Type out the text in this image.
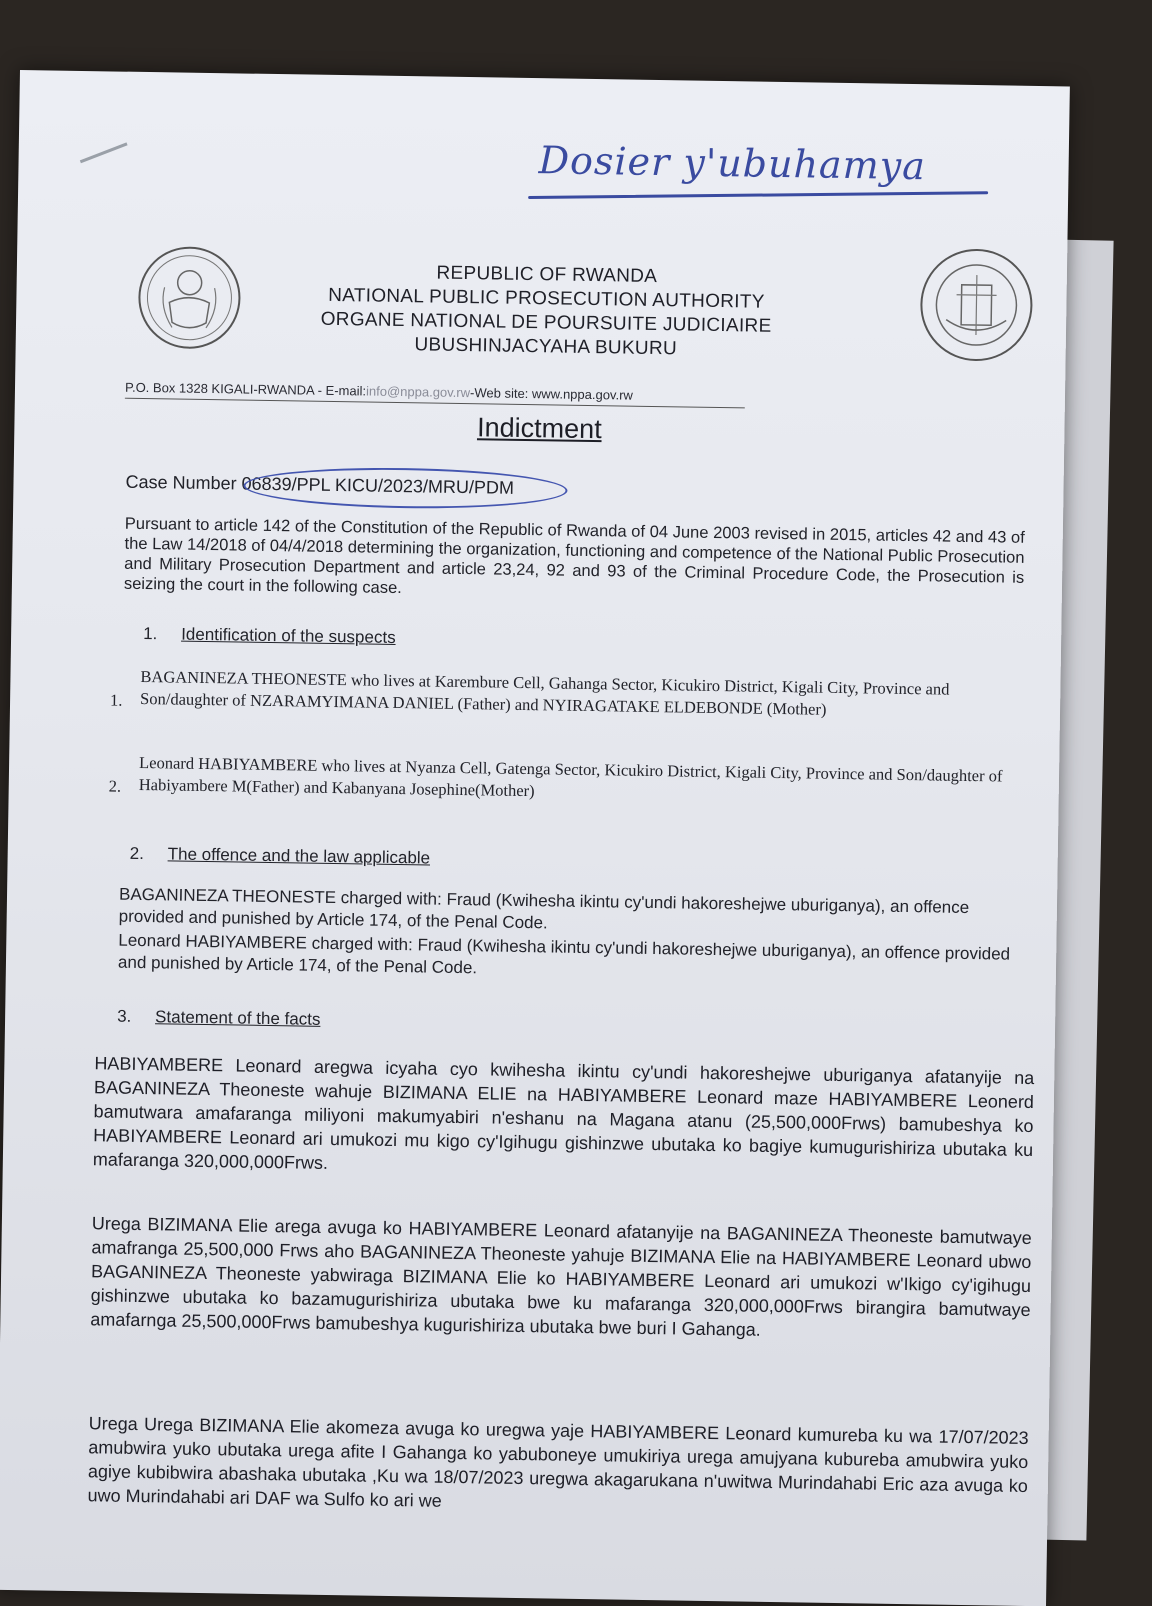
Dosier y'ubuhamya
REPUBLIC OF RWANDA
NATIONAL PUBLIC PROSECUTION AUTHORITY
ORGANE NATIONAL DE POURSUITE JUDICIAIRE
UBUSHINJACYAHA BUKURU
P.O. Box 1328 KIGALI-RWANDA - E-mail:info@nppa.gov.rw-Web site: www.nppa.gov.rw
Indictment
Case Number 06839/PPL KICU/2023/MRU/PDM
Pursuant to article 142 of the Constitution of the Republic of Rwanda of 04 June 2003 revised in 2015, articles 42 and 43 of the Law 14/2018 of 04/4/2018 determining the organization, functioning and competence of the National Public Prosecution and Military Prosecution Department and article 23,24, 92 and 93 of the Criminal Procedure Code, the Prosecution is seizing the court in the following case.
1. Identification of the suspects
1.
BAGANINEZA THEONESTE who lives at Karembure Cell, Gahanga Sector, Kicukiro District, Kigali City, Province and Son/daughter of NZARAMYIMANA DANIEL (Father) and NYIRAGATAKE ELDEBONDE (Mother)
2.
Leonard HABIYAMBERE who lives at Nyanza Cell, Gatenga Sector, Kicukiro District, Kigali City, Province and Son/daughter of Habiyambere M(Father) and Kabanyana Josephine(Mother)
2. The offence and the law applicable
BAGANINEZA THEONESTE charged with: Fraud (Kwihesha ikintu cy'undi hakoreshejwe uburiganya), an offence provided and punished by Article 174, of the Penal Code.
Leonard HABIYAMBERE charged with: Fraud (Kwihesha ikintu cy'undi hakoreshejwe uburiganya), an offence provided and punished by Article 174, of the Penal Code.
3. Statement of the facts
HABIYAMBERE Leonard aregwa icyaha cyo kwihesha ikintu cy'undi hakoreshejwe uburiganya afatanyije na BAGANINEZA Theoneste wahuje BIZIMANA ELIE na HABIYAMBERE Leonard maze HABIYAMBERE Leonerd bamutwara amafaranga miliyoni makumyabiri n'eshanu na Magana atanu (25,500,000Frws) bamubeshya ko HABIYAMBERE Leonard ari umukozi mu kigo cy'Igihugu gishinzwe ubutaka ko bagiye kumugurishiriza ubutaka ku mafaranga 320,000,000Frws.
Urega BIZIMANA Elie arega avuga ko HABIYAMBERE Leonard afatanyije na BAGANINEZA Theoneste bamutwaye amafranga 25,500,000 Frws aho BAGANINEZA Theoneste yahuje BIZIMANA Elie na HABIYAMBERE Leonard ubwo BAGANINEZA Theoneste yabwiraga BIZIMANA Elie ko HABIYAMBERE Leonard ari umukozi w'Ikigo cy'igihugu gishinzwe ubutaka ko bazamugurishiriza ubutaka bwe ku mafaranga 320,000,000Frws birangira bamutwaye amafarnga 25,500,000Frws bamubeshya kugurishiriza ubutaka bwe buri I Gahanga.
Urega Urega BIZIMANA Elie akomeza avuga ko uregwa yaje HABIYAMBERE Leonard kumureba ku wa 17/07/2023 amubwira yuko ubutaka urega afite I Gahanga ko yabuboneye umukiriya urega amujyana kubureba amubwira yuko agiye kubibwira abashaka ubutaka ,Ku wa 18/07/2023 uregwa akagarukana n'uwitwa Murindahabi Eric aza avuga ko uwo Murindahabi ari DAF wa Sulfo ko ari we
